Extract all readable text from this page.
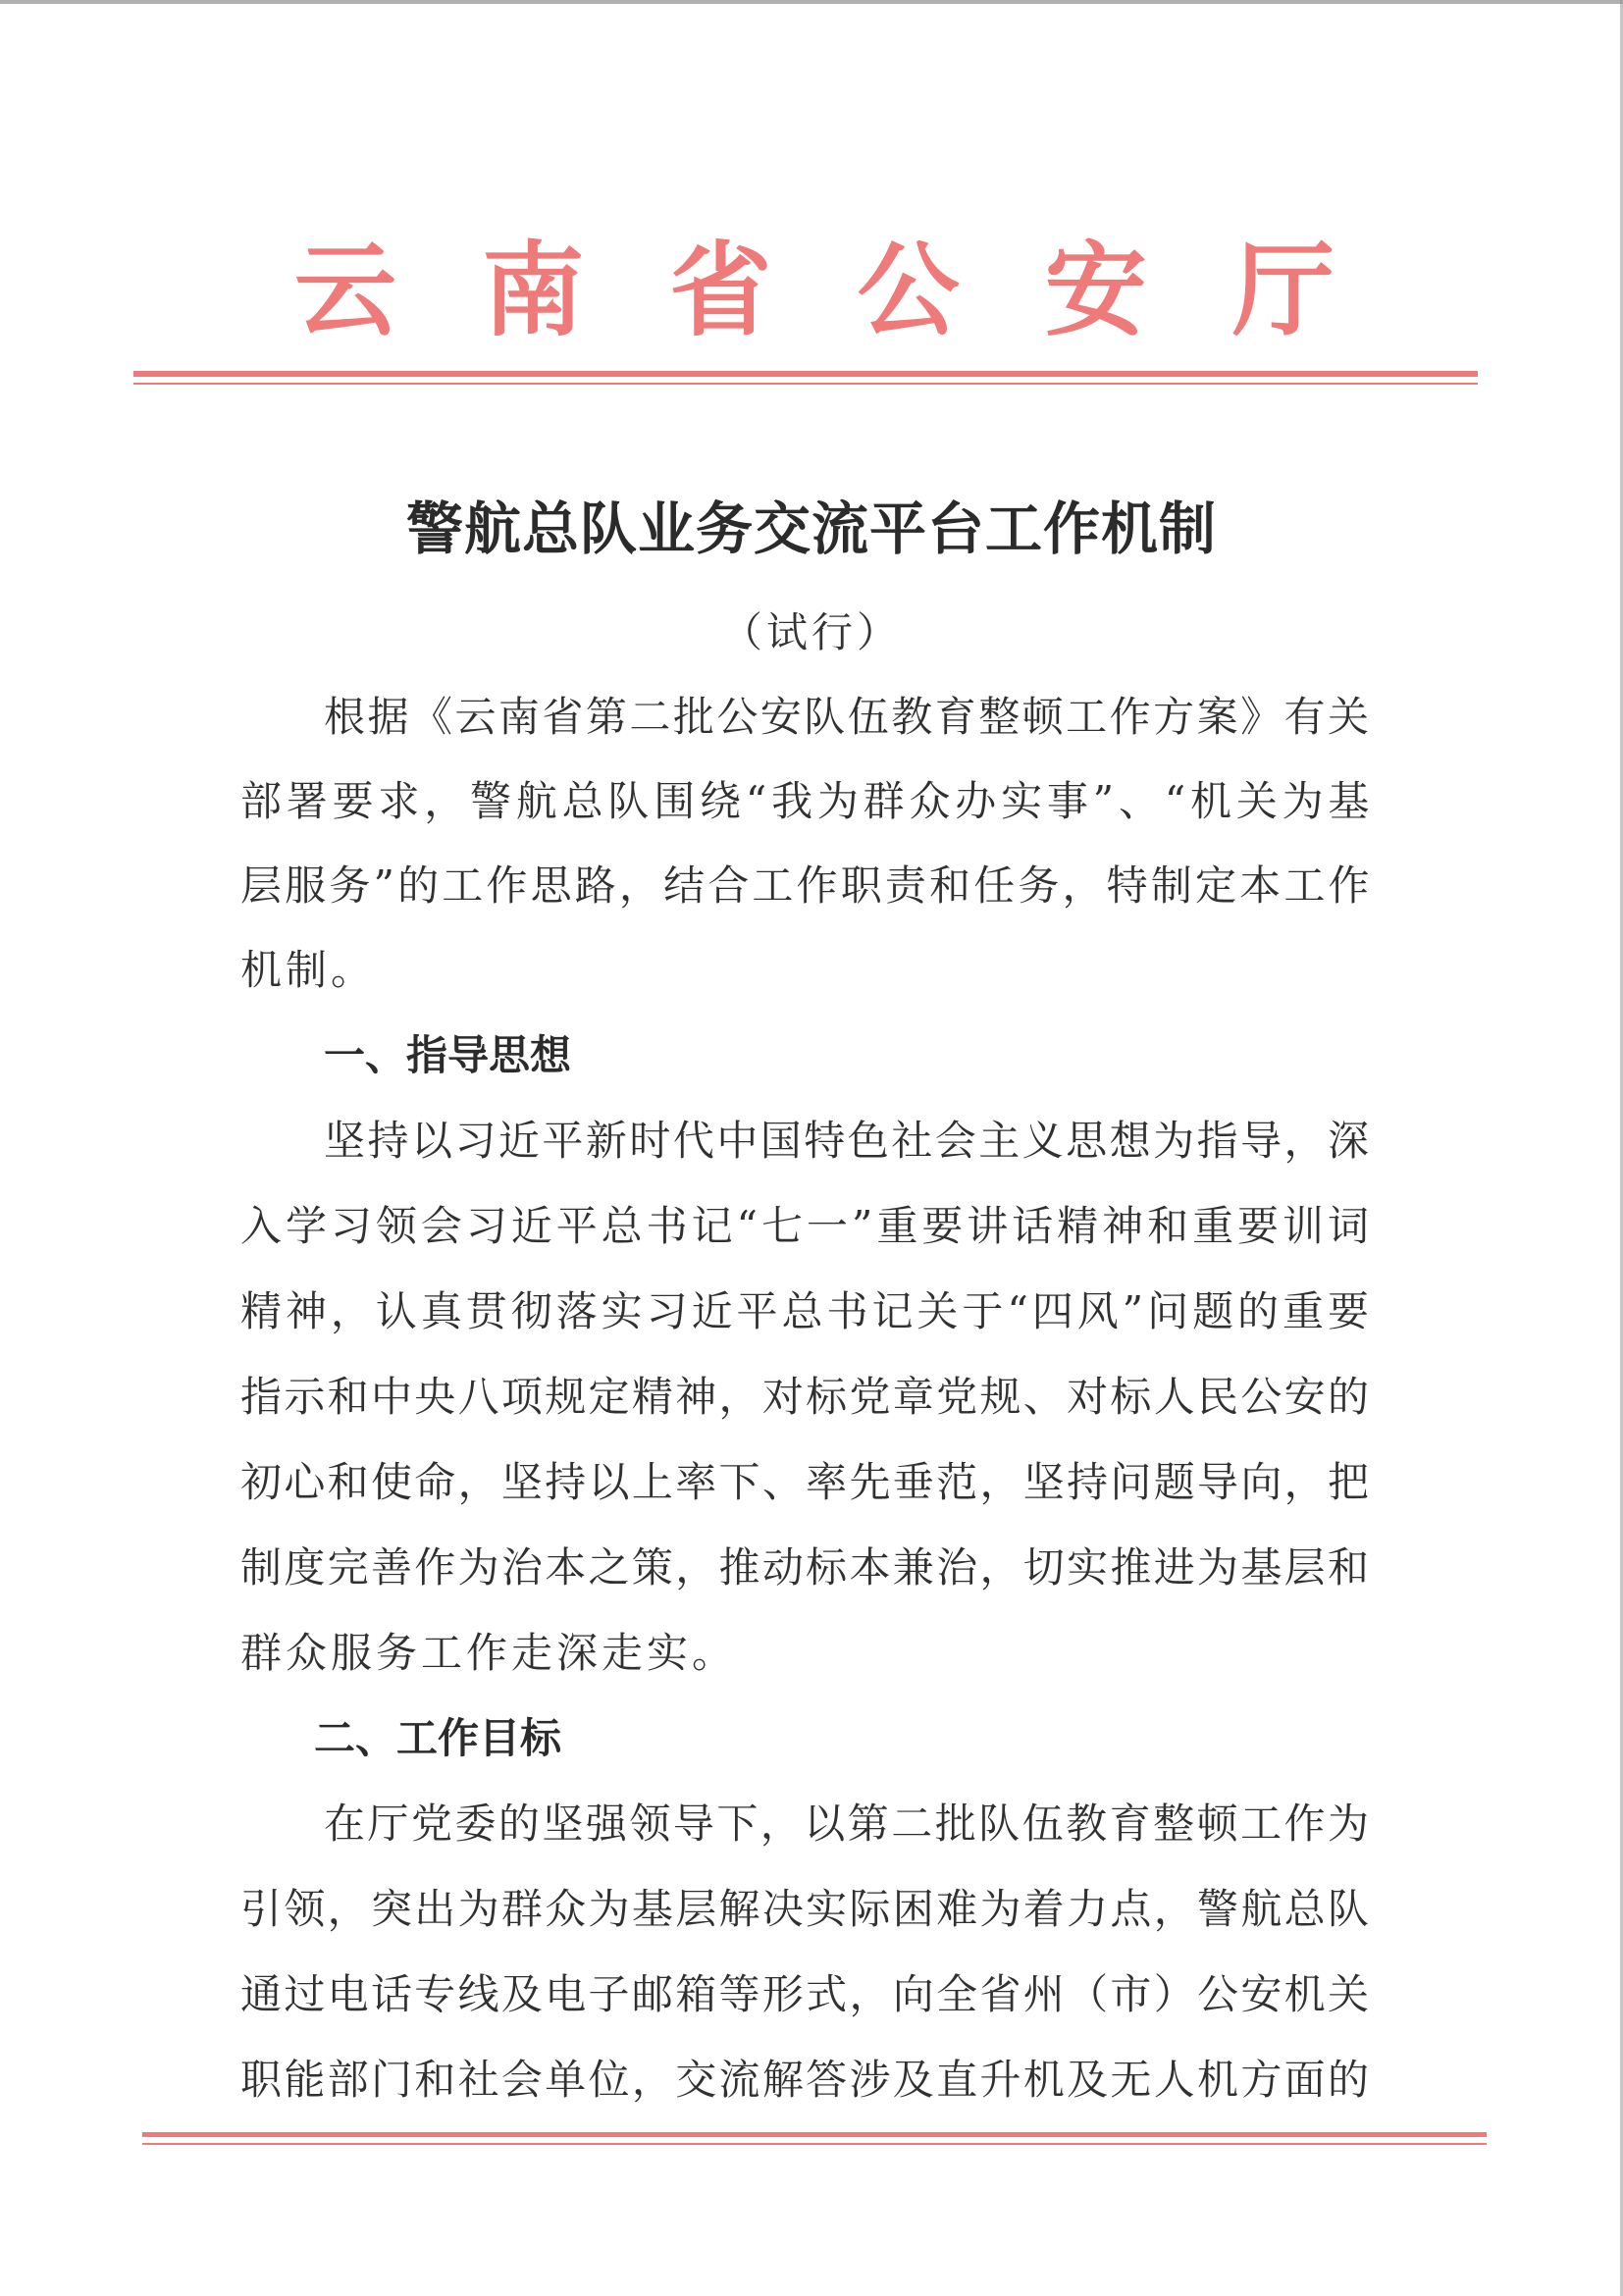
云 南 省 公 安 厅
警航总队业务交流平台工作机制
（试行）
根据《云南省第二批公安队伍教育整顿工作方案》有关
部署要求，警航总队围绕“我为群众办实事”、“机关为基
层服务”的工作思路，结合工作职责和任务，特制定本工作
机制。
一、指导思想
坚持以习近平新时代中国特色社会主义思想为指导，深
入学习领会习近平总书记“七一”重要讲话精神和重要训词
精神，认真贯彻落实习近平总书记关于“四风”问题的重要
指示和中央八项规定精神，对标党章党规、对标人民公安的
初心和使命，坚持以上率下、率先垂范，坚持问题导向，把
制度完善作为治本之策，推动标本兼治，切实推进为基层和
群众服务工作走深走实。
二、工作目标
在厅党委的坚强领导下，以第二批队伍教育整顿工作为
引领，突出为群众为基层解决实际困难为着力点，警航总队
通过电话专线及电子邮箱等形式，向全省州（市）公安机关
职能部门和社会单位，交流解答涉及直升机及无人机方面的
